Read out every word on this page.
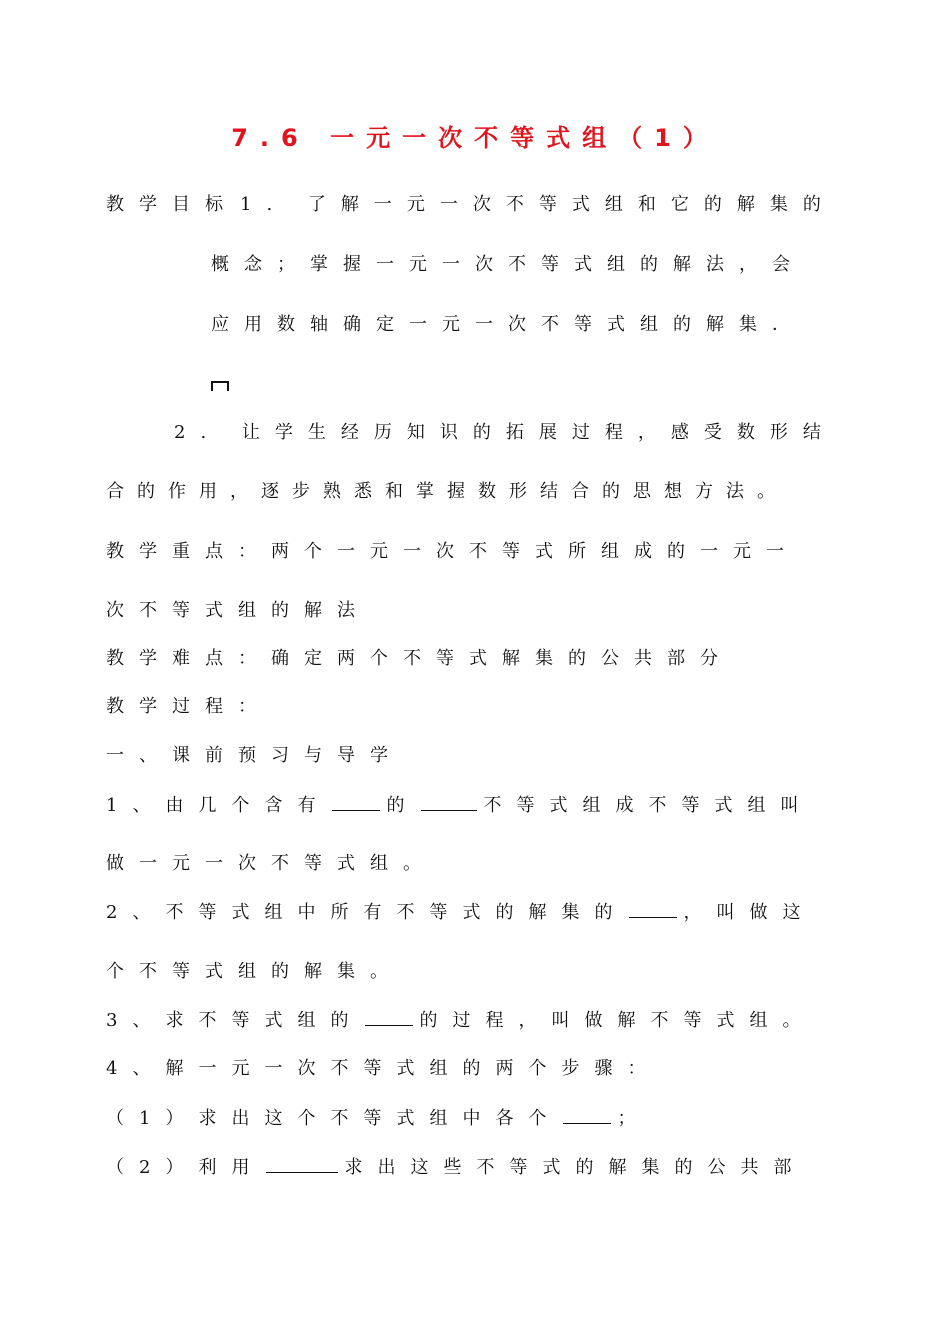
7.6 一元一次不等式组（1）
教学目标 1. 了解一元一次不等式组和它的解集的
概念；掌握一元一次不等式组的解法，会
应用数轴确定一元一次不等式组的解集．
2. 让学生经历知识的拓展过程，感受数形结
合的作用，逐步熟悉和掌握数形结合的思想方法。
教学重点：两个一元一次不等式所组成的一元一
次不等式组的解法
教学难点：确定两个不等式解集的公共部分
教学过程：
一、课前预习与导学
1、由几个含有	的	不等式组成不等式组叫
做一元一次不等式组。
2、不等式组中所有不等式的解集的	，叫做这
个不等式组的解集。
3、求不等式组的	的过程，叫做解不等式组。
4、解一元一次不等式组的两个步骤：
（1）求出这个不等式组中各个	；
（2）利用	求出这些不等式的解集的公共部
